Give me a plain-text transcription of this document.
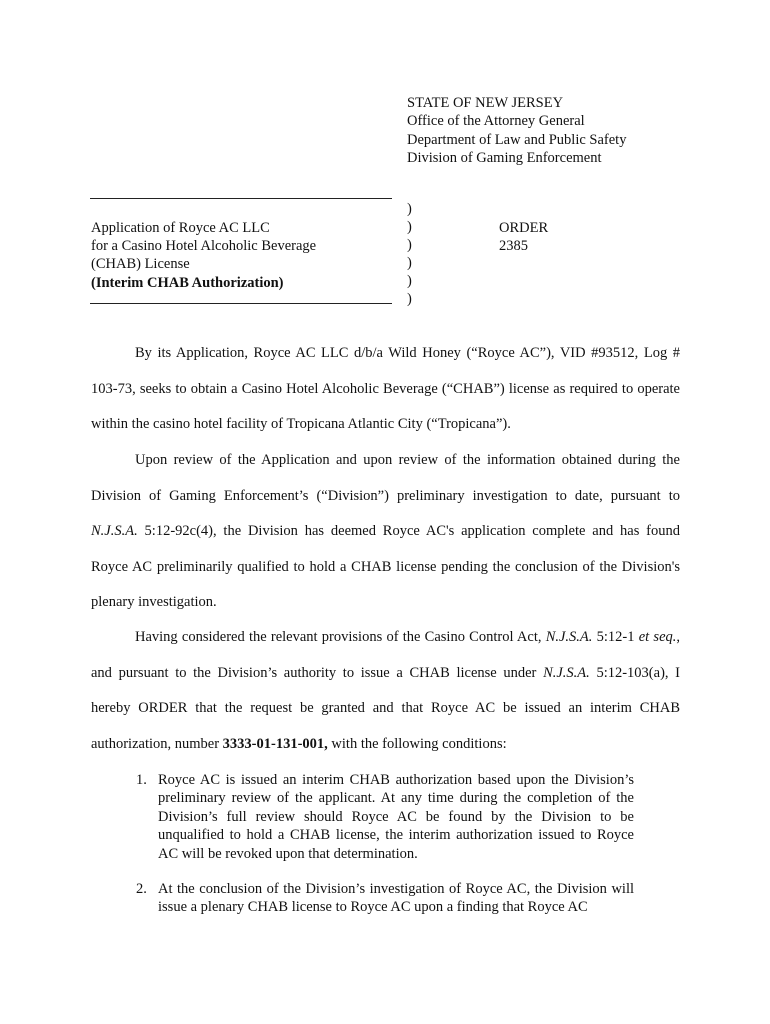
STATE OF NEW JERSEY
Office of the Attorney General
Department of Law and Public Safety
Division of Gaming Enforcement
Application of Royce AC LLC
for a Casino Hotel Alcoholic Beverage
(CHAB) License
(Interim CHAB Authorization)
)
)
)
)
)
)
ORDER
2385
By its Application, Royce AC LLC d/b/a Wild Honey (“Royce AC”), VID #93512, Log # 103-73, seeks to obtain a Casino Hotel Alcoholic Beverage (“CHAB”) license as required to operate within the casino hotel facility of Tropicana Atlantic City (“Tropicana”).
Upon review of the Application and upon review of the information obtained during the Division of Gaming Enforcement’s (“Division”) preliminary investigation to date, pursuant to N.J.S.A. 5:12-92c(4), the Division has deemed Royce AC's application complete and has found Royce AC preliminarily qualified to hold a CHAB license pending the conclusion of the Division's plenary investigation.
Having considered the relevant provisions of the Casino Control Act, N.J.S.A. 5:12-1 et seq., and pursuant to the Division’s authority to issue a CHAB license under N.J.S.A. 5:12-103(a), I hereby ORDER that the request be granted and that Royce AC be issued an interim CHAB authorization, number 3333-01-131-001, with the following conditions:
1. Royce AC is issued an interim CHAB authorization based upon the Division’s preliminary review of the applicant. At any time during the completion of the Division’s full review should Royce AC be found by the Division to be unqualified to hold a CHAB license, the interim authorization issued to Royce AC will be revoked upon that determination.
2. At the conclusion of the Division’s investigation of Royce AC, the Division will issue a plenary CHAB license to Royce AC upon a finding that Royce AC
